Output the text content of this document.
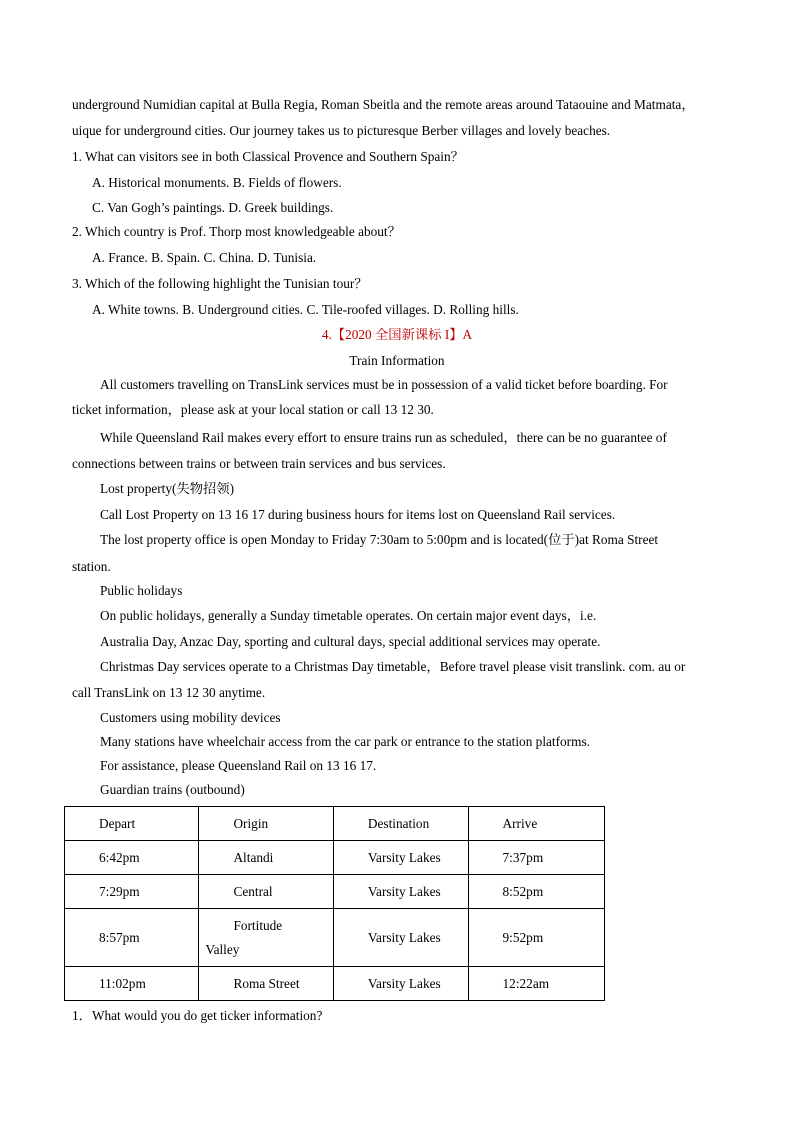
underground Numidian capital at Bulla Regia, Roman Sbeitla and the remote areas around Tataouine and Matmata，
uique for underground cities. Our journey takes us to picturesque Berber villages and lovely beaches.
1. What can visitors see in both Classical Provence and Southern Spain？
A. Historical monuments. B. Fields of flowers.
C. Van Gogh’s paintings. D. Greek buildings.
2. Which country is Prof. Thorp most knowledgeable about？
A. France. B. Spain. C. China. D. Tunisia.
3. Which of the following highlight the Tunisian tour？
A. White towns. B. Underground cities. C. Tile-roofed villages. D. Rolling hills.
4.【2020 全国新课标 I】A
Train Information
All customers travelling on TransLink services must be in possession of a valid ticket before boarding. For
ticket information，please ask at your local station or call 13 12 30.
While Queensland Rail makes every effort to ensure trains run as scheduled，there can be no guarantee of
connections between trains or between train services and bus services.
Lost property(失物招领)
Call Lost Property on 13 16 17 during business hours for items lost on Queensland Rail services.
The lost property office is open Monday to Friday 7:30am to 5:00pm and is located(位于)at Roma Street
station.
Public holidays
On public holidays, generally a Sunday timetable operates. On certain major event days，i.e.
Australia Day, Anzac Day, sporting and cultural days, special additional services may operate.
Christmas Day services operate to a Christmas Day timetable，Before travel please visit translink. com. au or
call TransLink on 13 12 30 anytime.
Customers using mobility devices
Many stations have wheelchair access from the car park or entrance to the station platforms.
For assistance, please Queensland Rail on 13 16 17.
Guardian trains (outbound)
Depart	Origin	Destination	Arrive
6:42pm	Altandi	Varsity Lakes	7:37pm
7:29pm	Central	Varsity Lakes	8:52pm
8:57pm	Fortitude
Valley	Varsity Lakes	9:52pm
11:02pm	Roma Street	Varsity Lakes	12:22am
1．What would you do get ticker information?
